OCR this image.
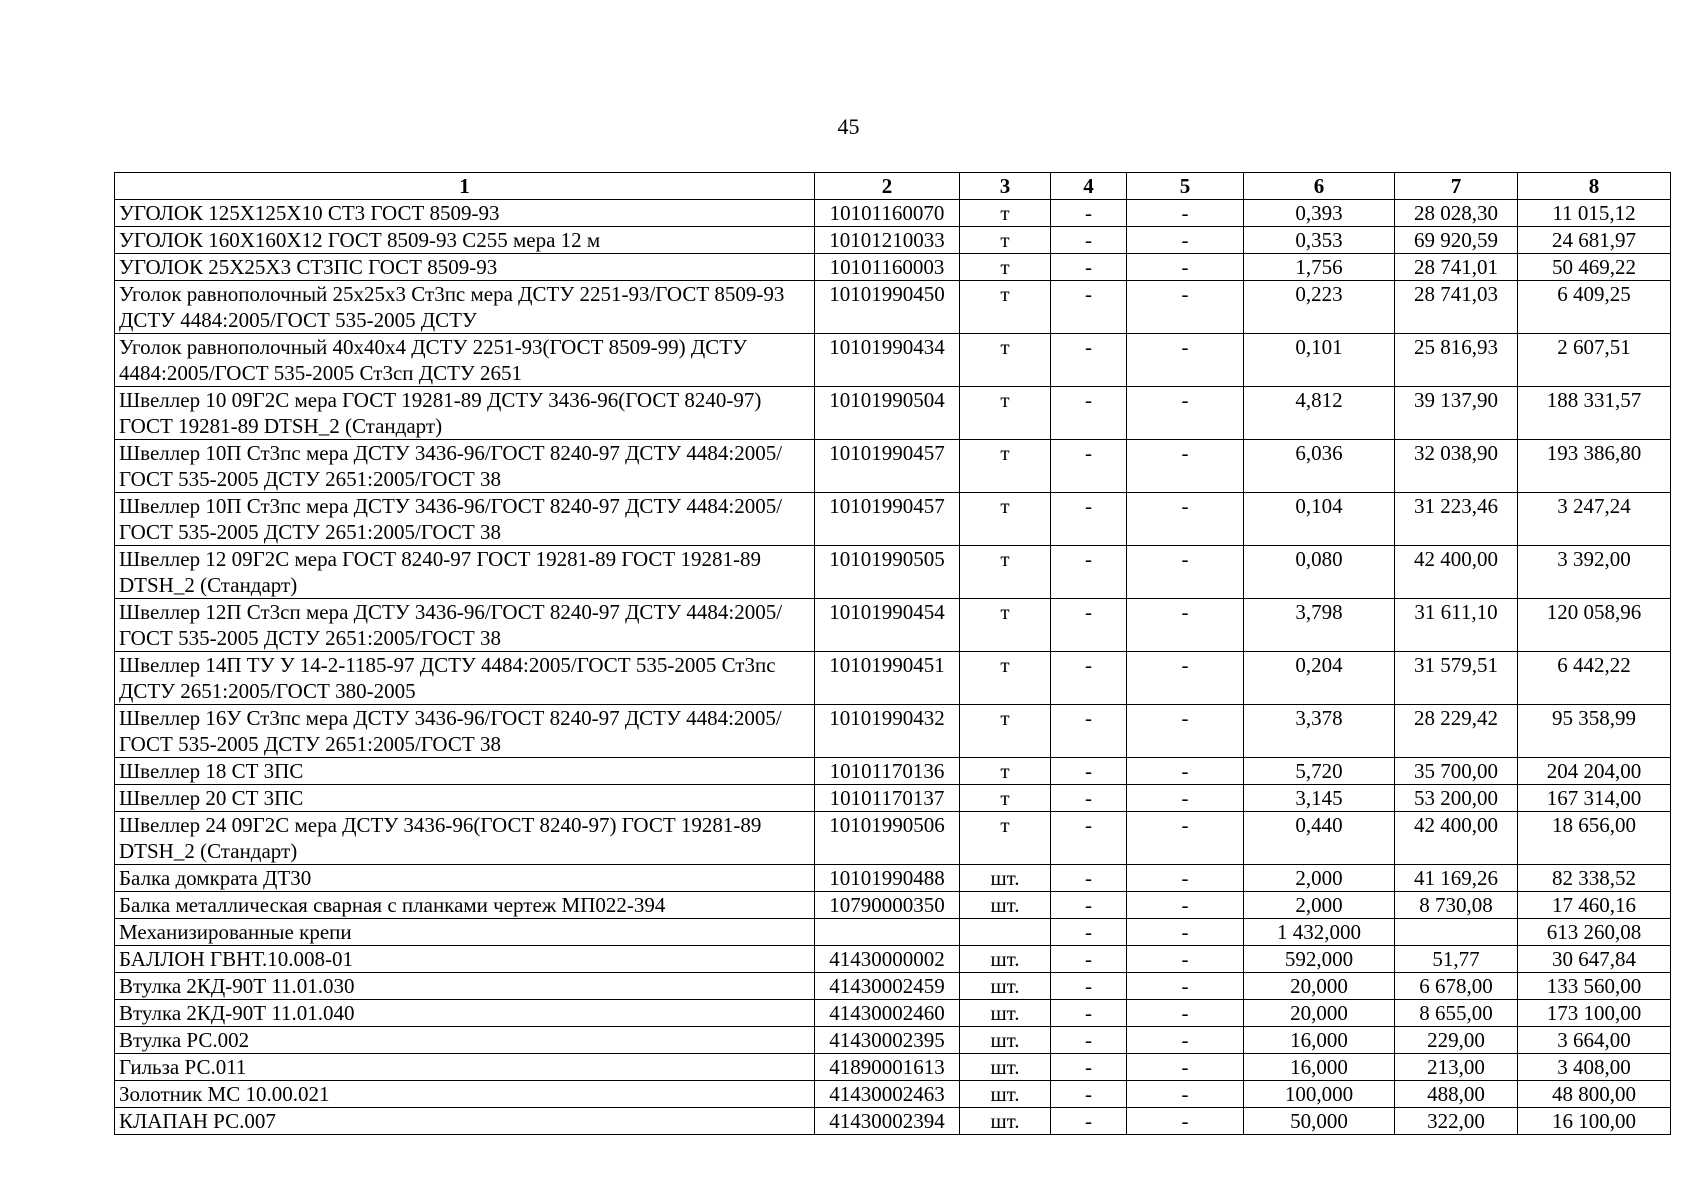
45
1	2	3	4	5	6	7	8
УГОЛОК 125Х125Х10 СТ3 ГОСТ 8509-93	10101160070	т	-	-	0,393	28 028,30	11 015,12
УГОЛОК 160Х160Х12 ГОСТ 8509-93 С255 мера 12 м	10101210033	т	-	-	0,353	69 920,59	24 681,97
УГОЛОК 25Х25Х3 СТ3ПС ГОСТ 8509-93	10101160003	т	-	-	1,756	28 741,01	50 469,22
Уголок равнополочный 25х25х3 Ст3пс мера ДСТУ 2251-93/ГОСТ 8509-93 ДСТУ 4484:2005/ГОСТ 535-2005 ДСТУ	10101990450	т	-	-	0,223	28 741,03	6 409,25
Уголок равнополочный 40х40х4 ДСТУ 2251-93(ГОСТ 8509-99) ДСТУ 4484:2005/ГОСТ 535-2005 Ст3сп ДСТУ 2651	10101990434	т	-	-	0,101	25 816,93	2 607,51
Швеллер 10 09Г2С мера ГОСТ 19281-89 ДСТУ 3436-96(ГОСТ 8240-97) ГОСТ 19281-89 DTSH_2 (Стандарт)	10101990504	т	-	-	4,812	39 137,90	188 331,57
Швеллер 10П Ст3пс мера ДСТУ 3436-96/ГОСТ 8240-97 ДСТУ 4484:2005/ГОСТ 535-2005 ДСТУ 2651:2005/ГОСТ 38	10101990457	т	-	-	6,036	32 038,90	193 386,80
Швеллер 10П Ст3пс мера ДСТУ 3436-96/ГОСТ 8240-97 ДСТУ 4484:2005/ГОСТ 535-2005 ДСТУ 2651:2005/ГОСТ 38	10101990457	т	-	-	0,104	31 223,46	3 247,24
Швеллер 12 09Г2С мера ГОСТ 8240-97 ГОСТ 19281-89 ГОСТ 19281-89 DTSH_2 (Стандарт)	10101990505	т	-	-	0,080	42 400,00	3 392,00
Швеллер 12П Ст3сп мера ДСТУ 3436-96/ГОСТ 8240-97 ДСТУ 4484:2005/ГОСТ 535-2005 ДСТУ 2651:2005/ГОСТ 38	10101990454	т	-	-	3,798	31 611,10	120 058,96
Швеллер 14П ТУ У 14-2-1185-97 ДСТУ 4484:2005/ГОСТ 535-2005 Ст3пс ДСТУ 2651:2005/ГОСТ 380-2005	10101990451	т	-	-	0,204	31 579,51	6 442,22
Швеллер 16У Ст3пс мера ДСТУ 3436-96/ГОСТ 8240-97 ДСТУ 4484:2005/ГОСТ 535-2005 ДСТУ 2651:2005/ГОСТ 38	10101990432	т	-	-	3,378	28 229,42	95 358,99
Швеллер 18 СТ 3ПС	10101170136	т	-	-	5,720	35 700,00	204 204,00
Швеллер 20 СТ 3ПС	10101170137	т	-	-	3,145	53 200,00	167 314,00
Швеллер 24 09Г2С мера ДСТУ 3436-96(ГОСТ 8240-97) ГОСТ 19281-89 DTSH_2 (Стандарт)	10101990506	т	-	-	0,440	42 400,00	18 656,00
Балка домкрата ДТ30	10101990488	шт.	-	-	2,000	41 169,26	82 338,52
Балка металлическая сварная с планками чертеж МП022-394	10790000350	шт.	-	-	2,000	8 730,08	17 460,16
Механизированные крепи			-	-	1 432,000		613 260,08
БАЛЛОН ГВНТ.10.008-01	41430000002	шт.	-	-	592,000	51,77	30 647,84
Втулка 2КД-90Т 11.01.030	41430002459	шт.	-	-	20,000	6 678,00	133 560,00
Втулка 2КД-90Т 11.01.040	41430002460	шт.	-	-	20,000	8 655,00	173 100,00
Втулка РС.002	41430002395	шт.	-	-	16,000	229,00	3 664,00
Гильза РС.011	41890001613	шт.	-	-	16,000	213,00	3 408,00
Золотник МС 10.00.021	41430002463	шт.	-	-	100,000	488,00	48 800,00
КЛАПАН РС.007	41430002394	шт.	-	-	50,000	322,00	16 100,00
